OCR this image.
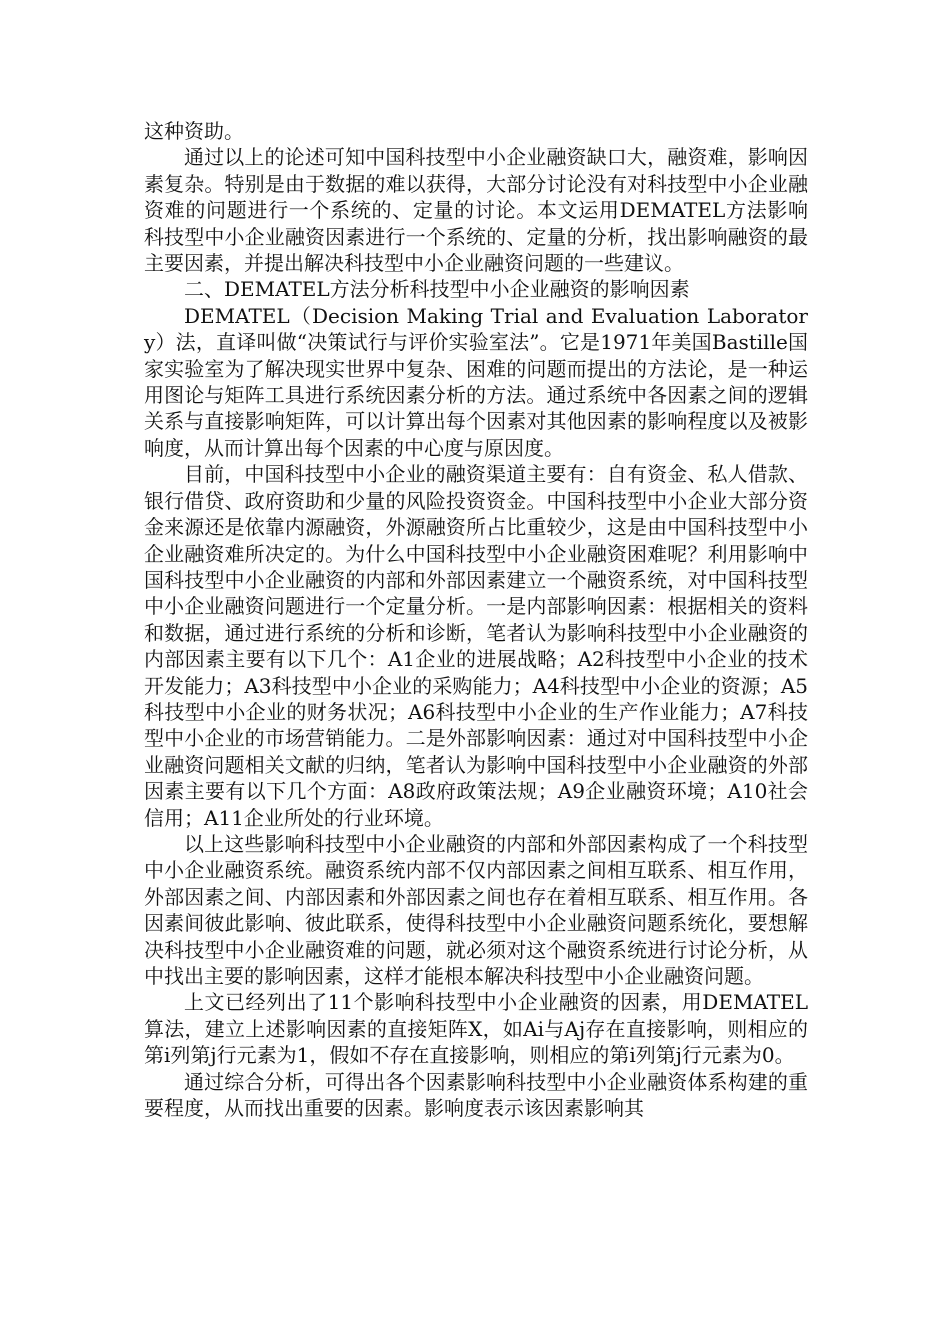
这种资助。

通过以上的论述可知中国科技型中小企业融资缺口大，融资难，影响因素复杂。特别是由于数据的难以获得，大部分讨论没有对科技型中小企业融资难的问题进行一个系统的、定量的讨论。本文运用DEMATEL方法影响科技型中小企业融资因素进行一个系统的、定量的分析，找出影响融资的最主要因素，并提出解决科技型中小企业融资问题的一些建议。

二、DEMATEL方法分析科技型中小企业融资的影响因素

DEMATEL（Decision Making Trial and Evaluation Laboratory）法，直译叫做“决策试行与评价实验室法”。它是1971年美国Bastille国家实验室为了解决现实世界中复杂、困难的问题而提出的方法论，是一种运用图论与矩阵工具进行系统因素分析的方法。通过系统中各因素之间的逻辑关系与直接影响矩阵，可以计算出每个因素对其他因素的影响程度以及被影响度，从而计算出每个因素的中心度与原因度。

目前，中国科技型中小企业的融资渠道主要有：自有资金、私人借款、银行借贷、政府资助和少量的风险投资资金。中国科技型中小企业大部分资金来源还是依靠内源融资，外源融资所占比重较少，这是由中国科技型中小企业融资难所决定的。为什么中国科技型中小企业融资困难呢？利用影响中国科技型中小企业融资的内部和外部因素建立一个融资系统，对中国科技型中小企业融资问题进行一个定量分析。一是内部影响因素：根据相关的资料和数据，通过进行系统的分析和诊断，笔者认为影响科技型中小企业融资的内部因素主要有以下几个：A1企业的进展战略；A2科技型中小企业的技术开发能力；A3科技型中小企业的采购能力；A4科技型中小企业的资源；A5科技型中小企业的财务状况；A6科技型中小企业的生产作业能力；A7科技型中小企业的市场营销能力。二是外部影响因素：通过对中国科技型中小企业融资问题相关文献的归纳，笔者认为影响中国科技型中小企业融资的外部因素主要有以下几个方面：A8政府政策法规；A9企业融资环境；A10社会信用；A11企业所处的行业环境。

以上这些影响科技型中小企业融资的内部和外部因素构成了一个科技型中小企业融资系统。融资系统内部不仅内部因素之间相互联系、相互作用，外部因素之间、内部因素和外部因素之间也存在着相互联系、相互作用。各因素间彼此影响、彼此联系，使得科技型中小企业融资问题系统化，要想解决科技型中小企业融资难的问题，就必须对这个融资系统进行讨论分析，从中找出主要的影响因素，这样才能根本解决科技型中小企业融资问题。

上文已经列出了11个影响科技型中小企业融资的因素，用DEMATEL算法，建立上述影响因素的直接矩阵X，如Ai与Aj存在直接影响，则相应的第i列第j行元素为1，假如不存在直接影响，则相应的第i列第j行元素为0。

通过综合分析，可得出各个因素影响科技型中小企业融资体系构建的重要程度，从而找出重要的因素。影响度表示该因素影响其
